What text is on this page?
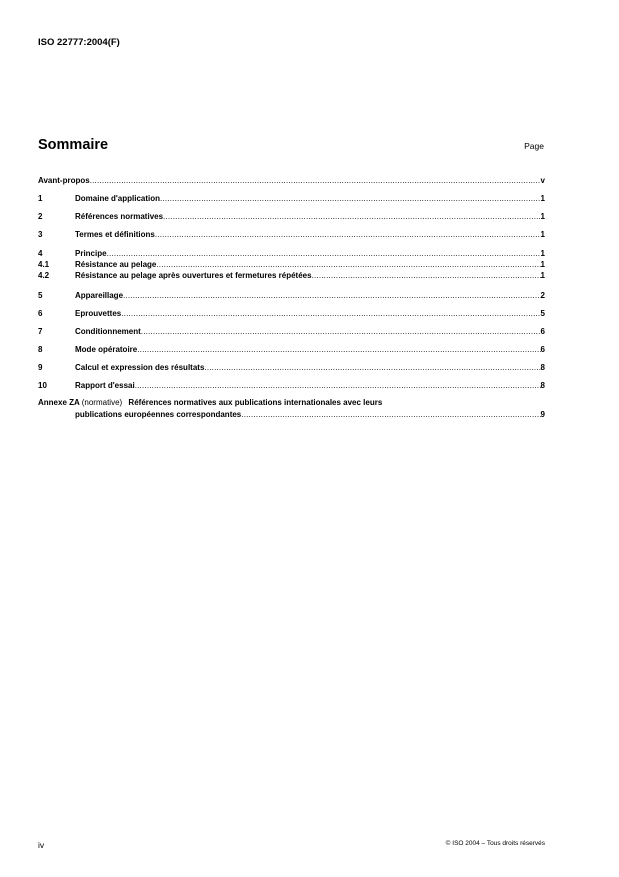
ISO 22777:2004(F)
Sommaire	Page
Avant-propos .....	v
1	Domaine d'application .....	1
2	Références normatives .....	1
3	Termes et définitions .....	1
4	Principe .....	1
4.1	Résistance au pelage .....	1
4.2	Résistance au pelage après ouvertures et fermetures répétées .....	1
5	Appareillage .....	2
6	Eprouvettes .....	5
7	Conditionnement .....	6
8	Mode opératoire .....	6
9	Calcul et expression des résultats .....	8
10	Rapport d'essai .....	8
Annexe ZA (normative) Références normatives aux publications internationales avec leurs
publications européennes correspondantes .....	9
iv	© ISO 2004 – Tous droits réservés
